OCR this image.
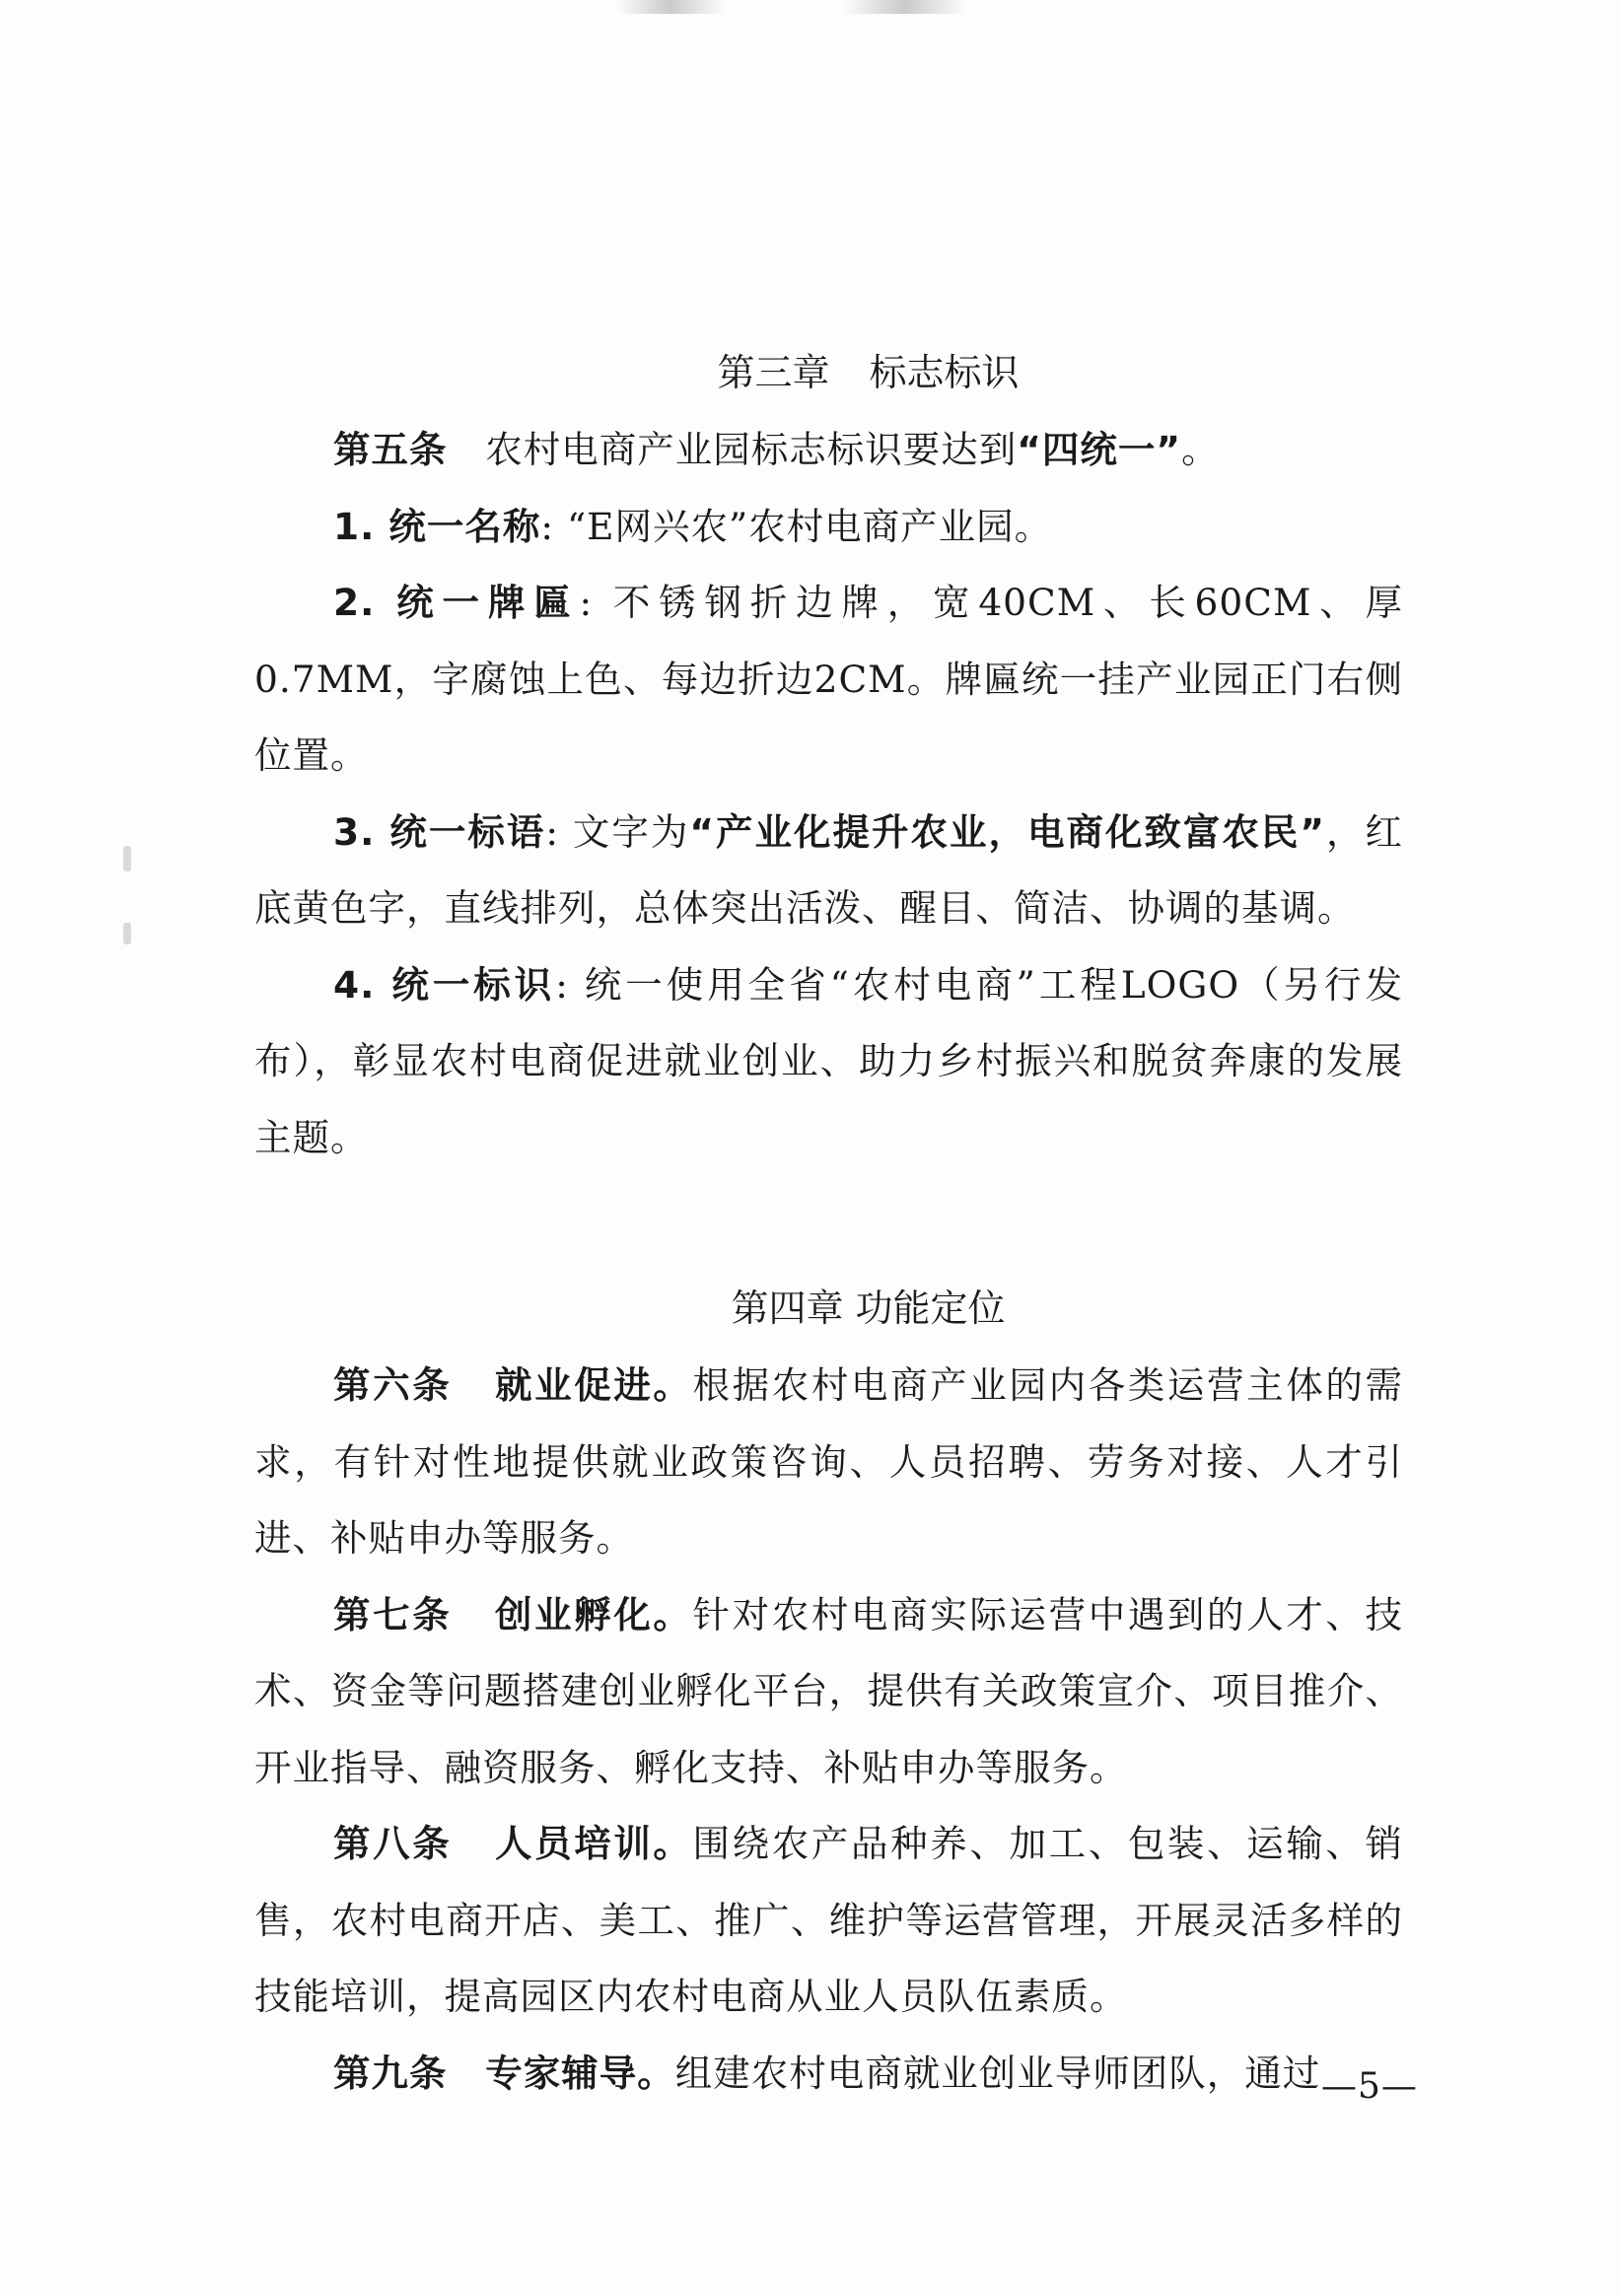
第三章 标志标识

第五条 农村电商产业园标志标识要达到“四统一”。

1. 统一名称: “E网兴农”农村电商产业园。

2. 统一牌匾: 不锈钢折边牌，宽40CM、长60CM、厚0.7MM，字腐蚀上色、每边折边2CM。牌匾统一挂产业园正门右侧位置。

3. 统一标语: 文字为“产业化提升农业，电商化致富农民”，红底黄色字，直线排列，总体突出活泼、醒目、简洁、协调的基调。

4. 统一标识: 统一使用全省“农村电商”工程LOGO（另行发布），彰显农村电商促进就业创业、助力乡村振兴和脱贫奔康的发展主题。

第四章 功能定位

第六条 就业促进。根据农村电商产业园内各类运营主体的需求，有针对性地提供就业政策咨询、人员招聘、劳务对接、人才引进、补贴申办等服务。

第七条 创业孵化。针对农村电商实际运营中遇到的人才、技术、资金等问题搭建创业孵化平台，提供有关政策宣介、项目推介、开业指导、融资服务、孵化支持、补贴申办等服务。

第八条 人员培训。围绕农产品种养、加工、包装、运输、销售，农村电商开店、美工、推广、维护等运营管理，开展灵活多样的技能培训，提高园区内农村电商从业人员队伍素质。

第九条 专家辅导。组建农村电商就业创业导师团队，通过 —5—
